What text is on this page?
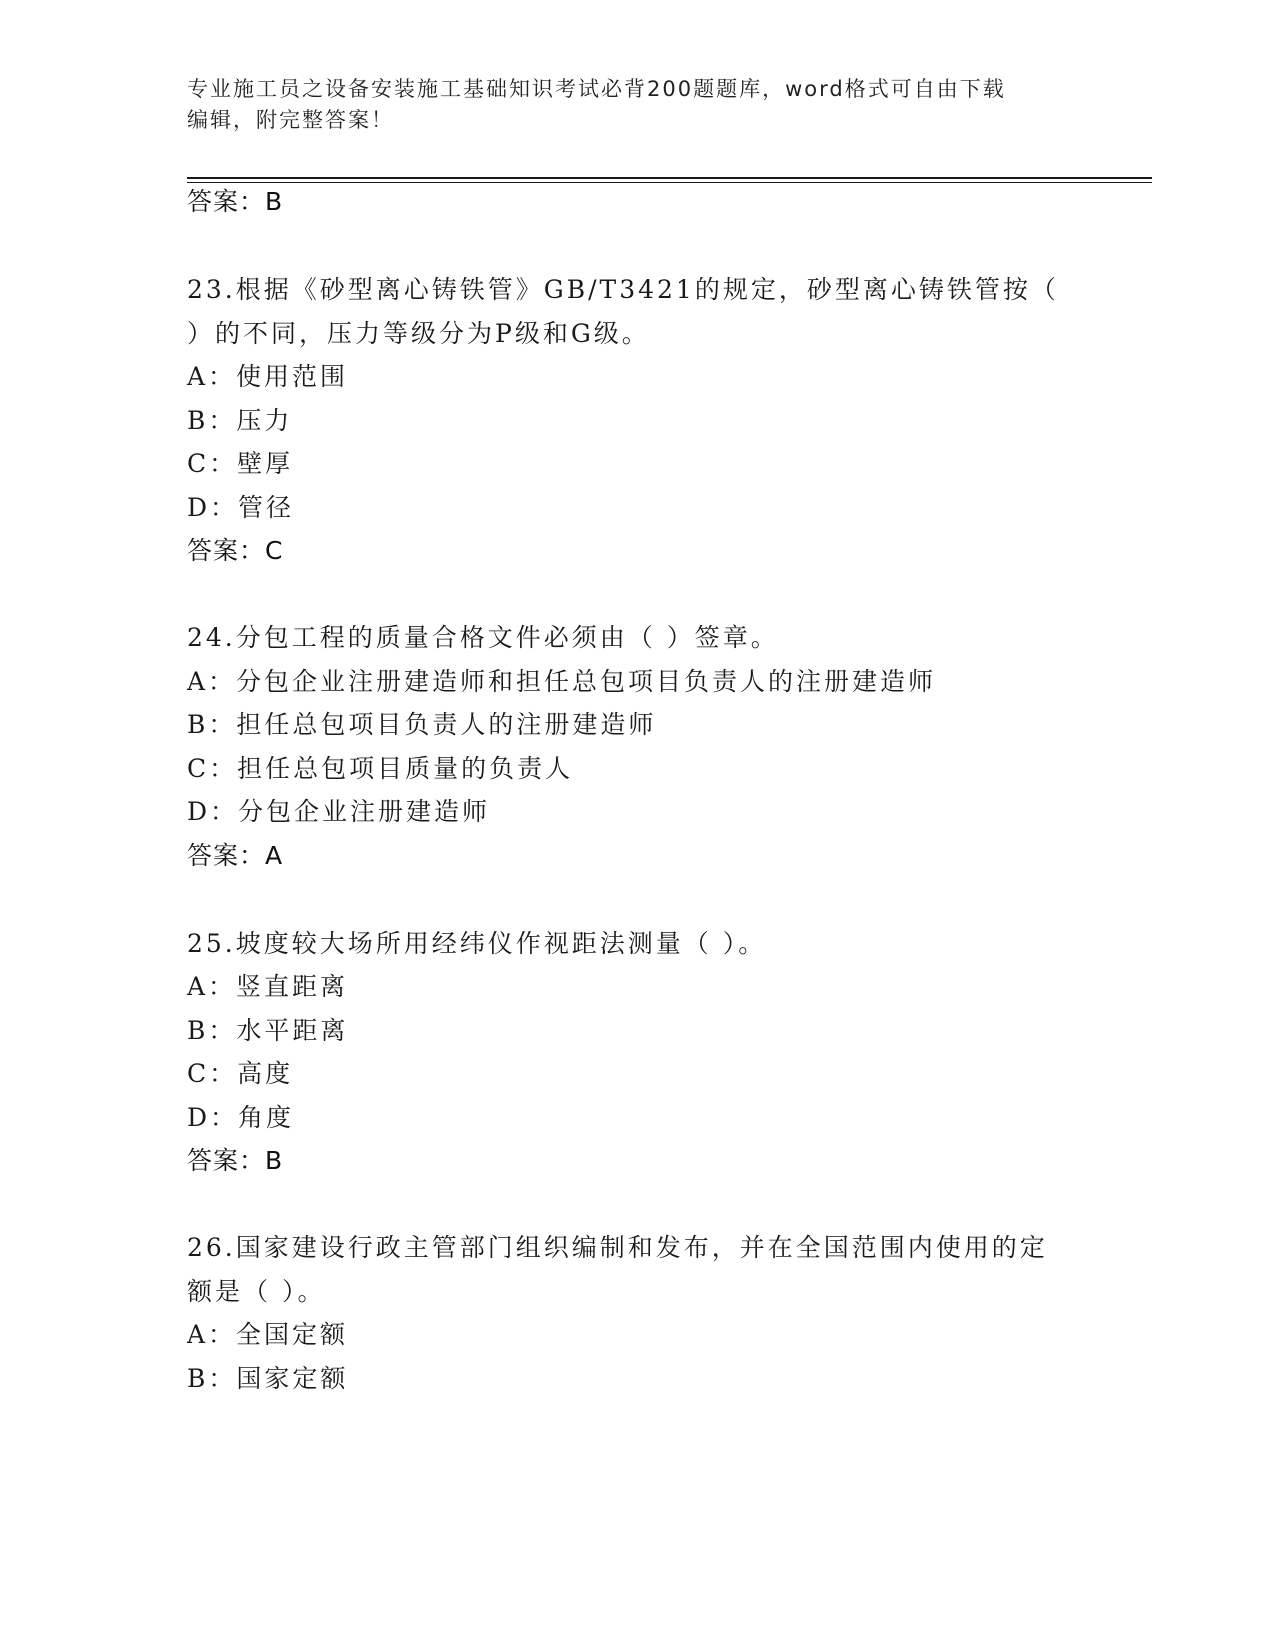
专业施工员之设备安装施工基础知识考试必背200题题库，word格式可自由下载
编辑，附完整答案！
答案：B
23.根据《砂型离心铸铁管》GB/T3421的规定，砂型离心铸铁管按（
）的不同，压力等级分为P级和G级。
A：使用范围
B：压力
C：壁厚
D：管径
答案：C
24.分包工程的质量合格文件必须由（ ）签章。
A：分包企业注册建造师和担任总包项目负责人的注册建造师
B：担任总包项目负责人的注册建造师
C：担任总包项目质量的负责人
D：分包企业注册建造师
答案：A
25.坡度较大场所用经纬仪作视距法测量（ ）。
A：竖直距离
B：水平距离
C：高度
D：角度
答案：B
26.国家建设行政主管部门组织编制和发布，并在全国范围内使用的定
额是（ ）。
A：全国定额
B：国家定额
